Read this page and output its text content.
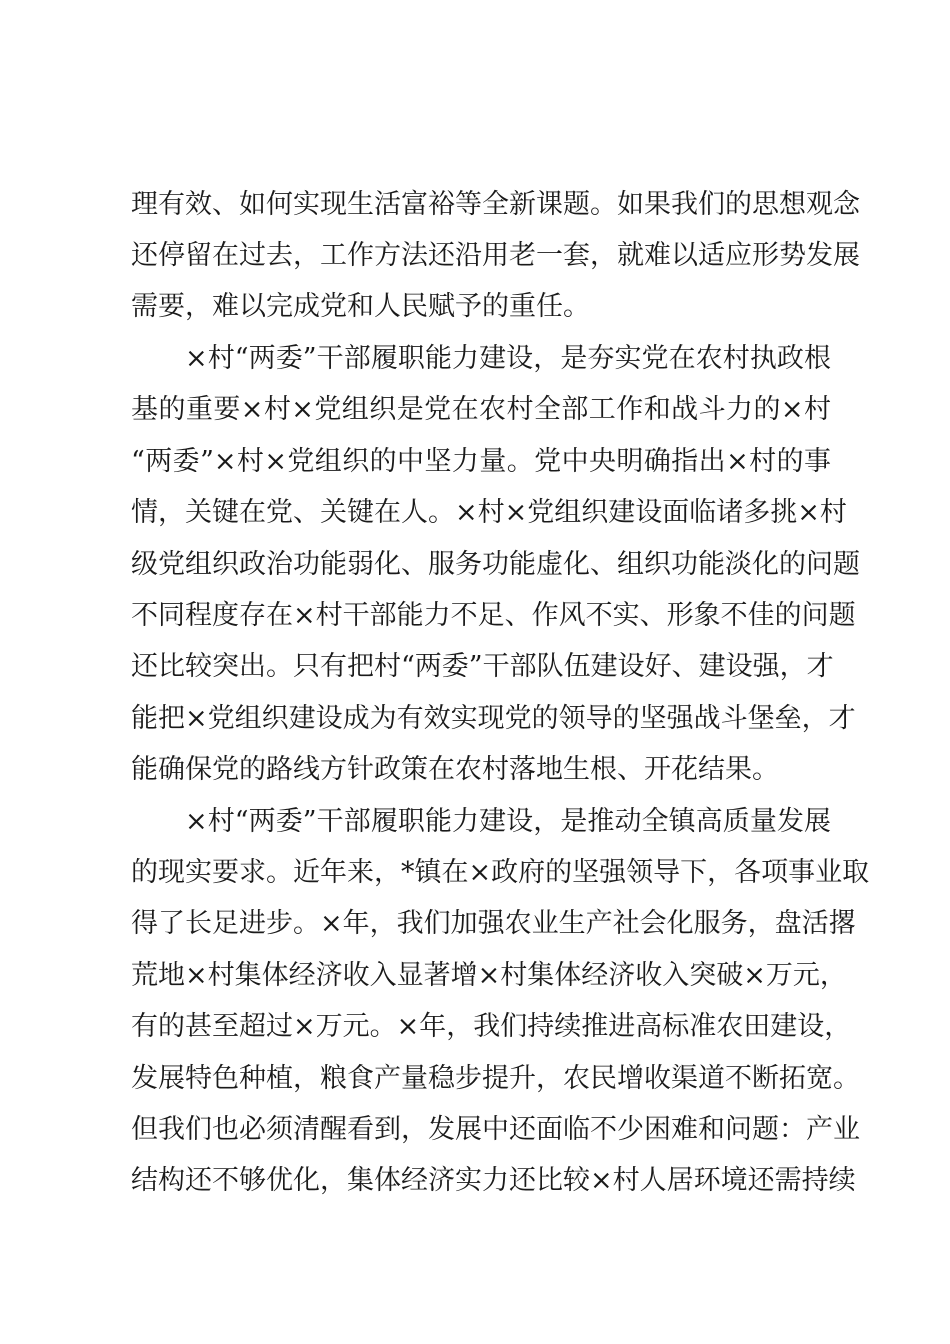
理有效、如何实现生活富裕等全新课题。如果我们的思想观念
还停留在过去，工作方法还沿用老一套，就难以适应形势发展
需要，难以完成党和人民赋予的重任。
×村“两委”干部履职能力建设，是夯实党在农村执政根
基的重要×村×党组织是党在农村全部工作和战斗力的×村
“两委”×村×党组织的中坚力量。党中央明确指出×村的事
情，关键在党、关键在人。×村×党组织建设面临诸多挑×村
级党组织政治功能弱化、服务功能虚化、组织功能淡化的问题
不同程度存在×村干部能力不足、作风不实、形象不佳的问题
还比较突出。只有把村“两委”干部队伍建设好、建设强，才
能把×党组织建设成为有效实现党的领导的坚强战斗堡垒，才
能确保党的路线方针政策在农村落地生根、开花结果。
×村“两委”干部履职能力建设，是推动全镇高质量发展
的现实要求。近年来，*镇在×政府的坚强领导下，各项事业取
得了长足进步。×年，我们加强农业生产社会化服务，盘活撂
荒地×村集体经济收入显著增×村集体经济收入突破×万元，
有的甚至超过×万元。×年，我们持续推进高标准农田建设，
发展特色种植，粮食产量稳步提升，农民增收渠道不断拓宽。
但我们也必须清醒看到，发展中还面临不少困难和问题：产业
结构还不够优化，集体经济实力还比较×村人居环境还需持续
